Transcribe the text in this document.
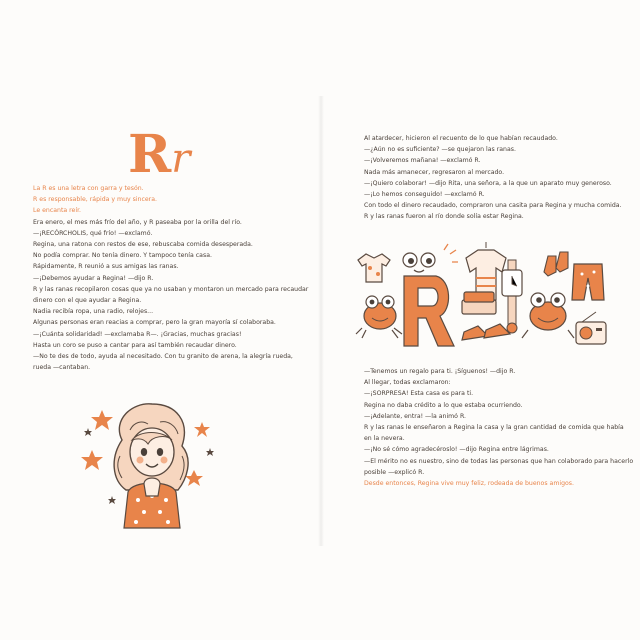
Rr
La R es una letra con garra y tesón.
R es responsable, rápida y muy sincera.
Le encanta reír.
Era enero, el mes más frío del año, y R paseaba por la orilla del río.
—¡RECÓRCHOLIS, qué frío! —exclamó.
Regina, una ratona con restos de ese, rebuscaba comida desesperada.
No podía comprar. No tenía dinero. Y tampoco tenía casa.
Rápidamente, R reunió a sus amigas las ranas.
—¡Debemos ayudar a Regina! —dijo R.
R y las ranas recopilaron cosas que ya no usaban y montaron un mercado para recaudar
dinero con el que ayudar a Regina.
Nadia recibía ropa, una radio, relojes...
Algunas personas eran reacias a comprar, pero la gran mayoría sí colaboraba.
—¡Cuánta solidaridad! —exclamaba R—. ¡Gracias, muchas gracias!
Hasta un coro se puso a cantar para así también recaudar dinero.
—No te des de todo, ayuda al necesitado. Con tu granito de arena, la alegría rueda,
rueda —cantaban.
Al atardecer, hicieron el recuento de lo que habían recaudado.
—¿Aún no es suficiente? —se quejaron las ranas.
—¡Volveremos mañana! —exclamó R.
Nada más amanecer, regresaron al mercado.
—¡Quiero colaborar! —dijo Rita, una señora, a la que un aparato muy generoso.
—¡Lo hemos conseguido! —exclamó R.
Con todo el dinero recaudado, compraron una casita para Regina y mucha comida.
R y las ranas fueron al río donde solía estar Regina.
—Tenemos un regalo para ti. ¡Síguenos! —dijo R.
Al llegar, todas exclamaron:
—¡SORPRESA! Esta casa es para ti.
Regina no daba crédito a lo que estaba ocurriendo.
—¡Adelante, entra! —la animó R.
R y las ranas le enseñaron a Regina la casa y la gran cantidad de comida que había
en la nevera.
—¡No sé cómo agradecéroslo! —dijo Regina entre lágrimas.
—El mérito no es nuestro, sino de todas las personas que han colaborado para hacerlo
posible —explicó R.
Desde entonces, Regina vive muy feliz, rodeada de buenos amigos.
